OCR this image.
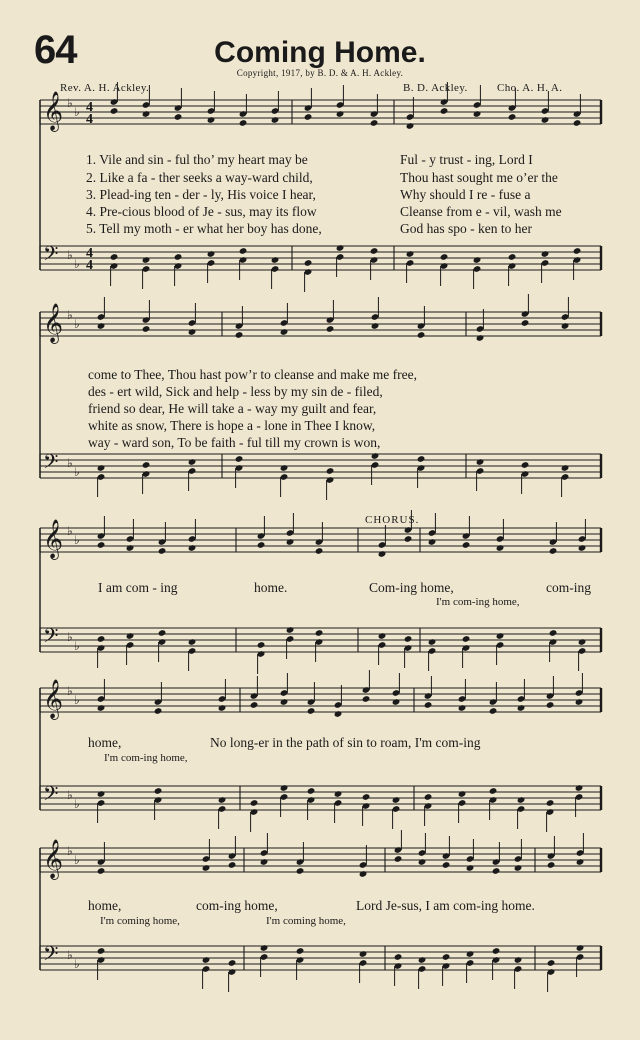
64	Coming Home.
Copyright, 1917, by B. D. & A. H. Ackley.
Rev. A. H. Ackley.	B. D. Ackley.	Cho. A. H. A.
𝄞 ♭
♭ 4
4
𝄢 ♭
♭
4
4
𝄞 ♭
♭
𝄢 ♭
♭
𝄞 ♭
♭
𝄢 ♭
♭
𝄞 ♭
♭
𝄢 ♭
♭
𝄞 ♭
♭
𝄢 ♭
♭
1. Vile and sin - ful tho’ my heart may be
2. Like a fa - ther seeks a way-ward child,
3. Plead-ing ten - der - ly, His voice I hear,
4. Pre-cious blood of Je - sus, may its flow
5. Tell my moth - er what her boy has done,
Ful - y trust - ing, Lord I
Thou hast sought me o’er the
Why should I re - fuse a
Cleanse from e - vil, wash me
God has spo - ken to her
come to Thee, Thou hast pow’r to cleanse and make me free,
des - ert wild, Sick and help - less by my sin de - filed,
friend so dear, He will take a - way my guilt and fear,
white as snow, There is hope a - lone in Thee I know,
way - ward son, To be faith - ful till my crown is won,
CHORUS.
I am com - ing	home.	Com-ing home,	com-ing
I'm com-ing home,
home,	No long-er in the path of sin to roam, I'm com-ing
I'm com-ing home,
home,	com-ing home,	Lord Je-sus, I am com-ing home.
I'm coming home,	I'm coming home,
